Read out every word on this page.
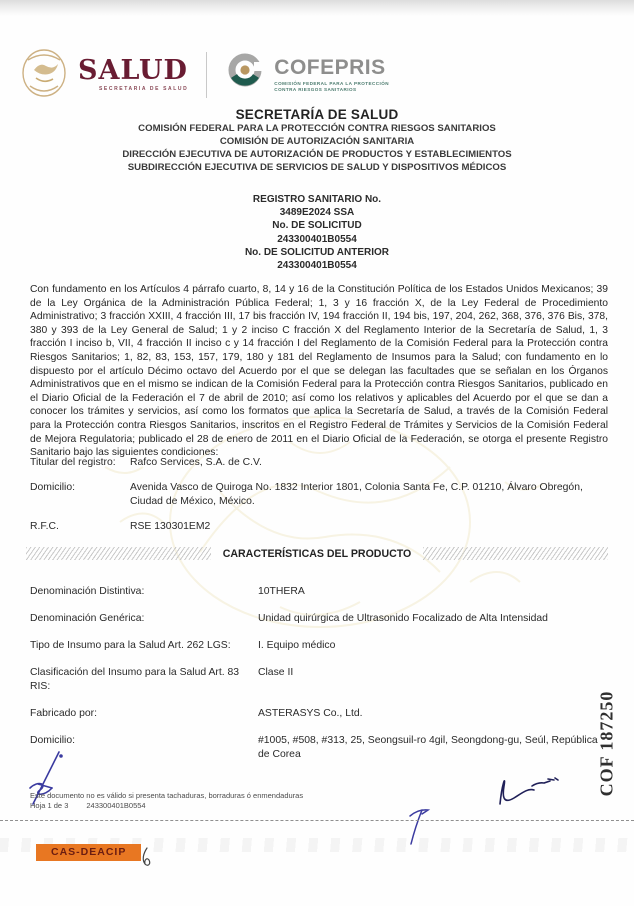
SALUD
SECRETARIA DE SALUD
COFEPRIS
COMISIÓN FEDERAL PARA LA PROTECCIÓN
CONTRA RIESGOS SANITARIOS
SECRETARÍA DE SALUD
COMISIÓN FEDERAL PARA LA PROTECCIÓN CONTRA RIESGOS SANITARIOS
COMISIÓN DE AUTORIZACIÓN SANITARIA
DIRECCIÓN EJECUTIVA DE AUTORIZACIÓN DE PRODUCTOS Y ESTABLECIMIENTOS
SUBDIRECCIÓN EJECUTIVA DE SERVICIOS DE SALUD Y DISPOSITIVOS MÉDICOS
REGISTRO SANITARIO No.
3489E2024 SSA
No. DE SOLICITUD
243300401B0554
No. DE SOLICITUD ANTERIOR
243300401B0554
Con fundamento en los Artículos 4 párrafo cuarto, 8, 14 y 16 de la Constitución Política de los Estados Unidos Mexicanos; 39 de la Ley Orgánica de la Administración Pública Federal; 1, 3 y 16 fracción X, de la Ley Federal de Procedimiento Administrativo; 3 fracción XXIII, 4 fracción III, 17 bis fracción IV, 194 fracción II, 194 bis, 197, 204, 262, 368, 376, 376 Bis, 378, 380 y 393 de la Ley General de Salud; 1 y 2 inciso C fracción X del Reglamento Interior de la Secretaría de Salud, 1, 3 fracción I inciso b, VII, 4 fracción II inciso c y 14 fracción I del Reglamento de la Comisión Federal para la Protección contra Riesgos Sanitarios; 1, 82, 83, 153, 157, 179, 180 y 181 del Reglamento de Insumos para la Salud; con fundamento en lo dispuesto por el artículo Décimo octavo del Acuerdo por el que se delegan las facultades que se señalan en los Órganos Administrativos que en el mismo se indican de la Comisión Federal para la Protección contra Riesgos Sanitarios, publicado en el Diario Oficial de la Federación el 7 de abril de 2010; así como los relativos y aplicables del Acuerdo por el que se dan a conocer los trámites y servicios, así como los formatos que aplica la Secretaría de Salud, a través de la Comisión Federal para la Protección contra Riesgos Sanitarios, inscritos en el Registro Federal de Trámites y Servicios de la Comisión Federal de Mejora Regulatoria; publicado el 28 de enero de 2011 en el Diario Oficial de la Federación, se otorga el presente Registro Sanitario bajo las siguientes condiciones:
Titular del registro:	Rafco Services, S.A. de C.V.
Domicilio:	Avenida Vasco de Quiroga No. 1832 Interior 1801, Colonia Santa Fe, C.P. 01210, Álvaro Obregón, Ciudad de México, México.
R.F.C.	RSE 130301EM2
CARACTERÍSTICAS DEL PRODUCTO
Denominación Distintiva:	10THERA
Denominación Genérica:	Unidad quirúrgica de Ultrasonido Focalizado de Alta Intensidad
Tipo de Insumo para la Salud Art. 262 LGS:	I. Equipo médico
Clasificación del Insumo para la Salud Art. 83 RIS:
Clase II
Fabricado por:	ASTERASYS Co., Ltd.
Domicilio:	#1005, #508, #313, 25, Seongsuil-ro 4gil, Seongdong-gu, Seúl, República de Corea
Este documento no es válido si presenta tachaduras, borraduras ó enmendaduras
Hoja 1 de 3 243300401B0554
CAS-DEACIP
COF 187250
